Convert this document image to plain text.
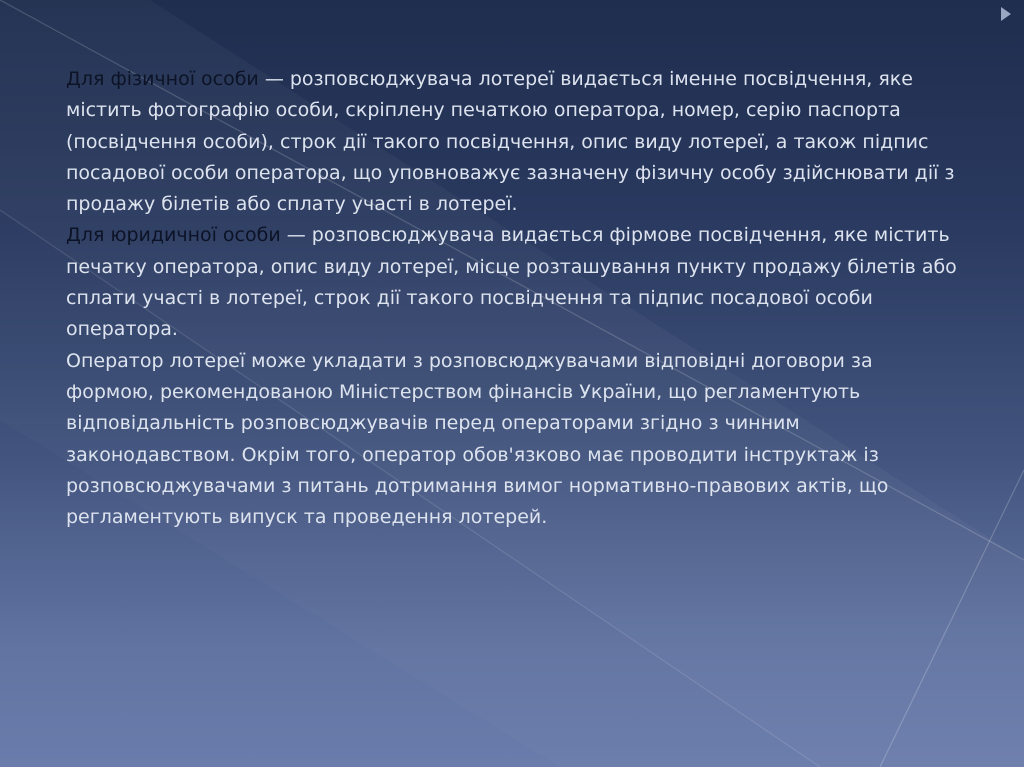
Для фізичної особи — розповсюджувача лотереї видається іменне посвідчення, яке містить фотографію особи, скріплену печаткою оператора, номер, серію паспорта (посвідчення особи), строк дії такого посвідчення, опис виду лотереї, а також підпис посадової особи оператора, що уповноважує зазначену фізичну особу здійснювати дії з продажу білетів або сплату участі в лотереї.

Для юридичної особи — розповсюджувача видається фірмове посвідчення, яке містить печатку оператора, опис виду лотереї, місце розташування пункту продажу білетів або сплати участі в лотереї, строк дії такого посвідчення та підпис посадової особи оператора.

Оператор лотереї може укладати з розповсюджувачами відповідні договори за формою, рекомендованою Міністерством фінансів України, що регламентують відповідальність розповсюджувачів перед операторами згідно з чинним законодавством. Окрім того, оператор обов'язково має проводити інструктаж із розповсюджувачами з питань дотримання вимог нормативно-правових актів, що регламентують випуск та проведення лотерей.
